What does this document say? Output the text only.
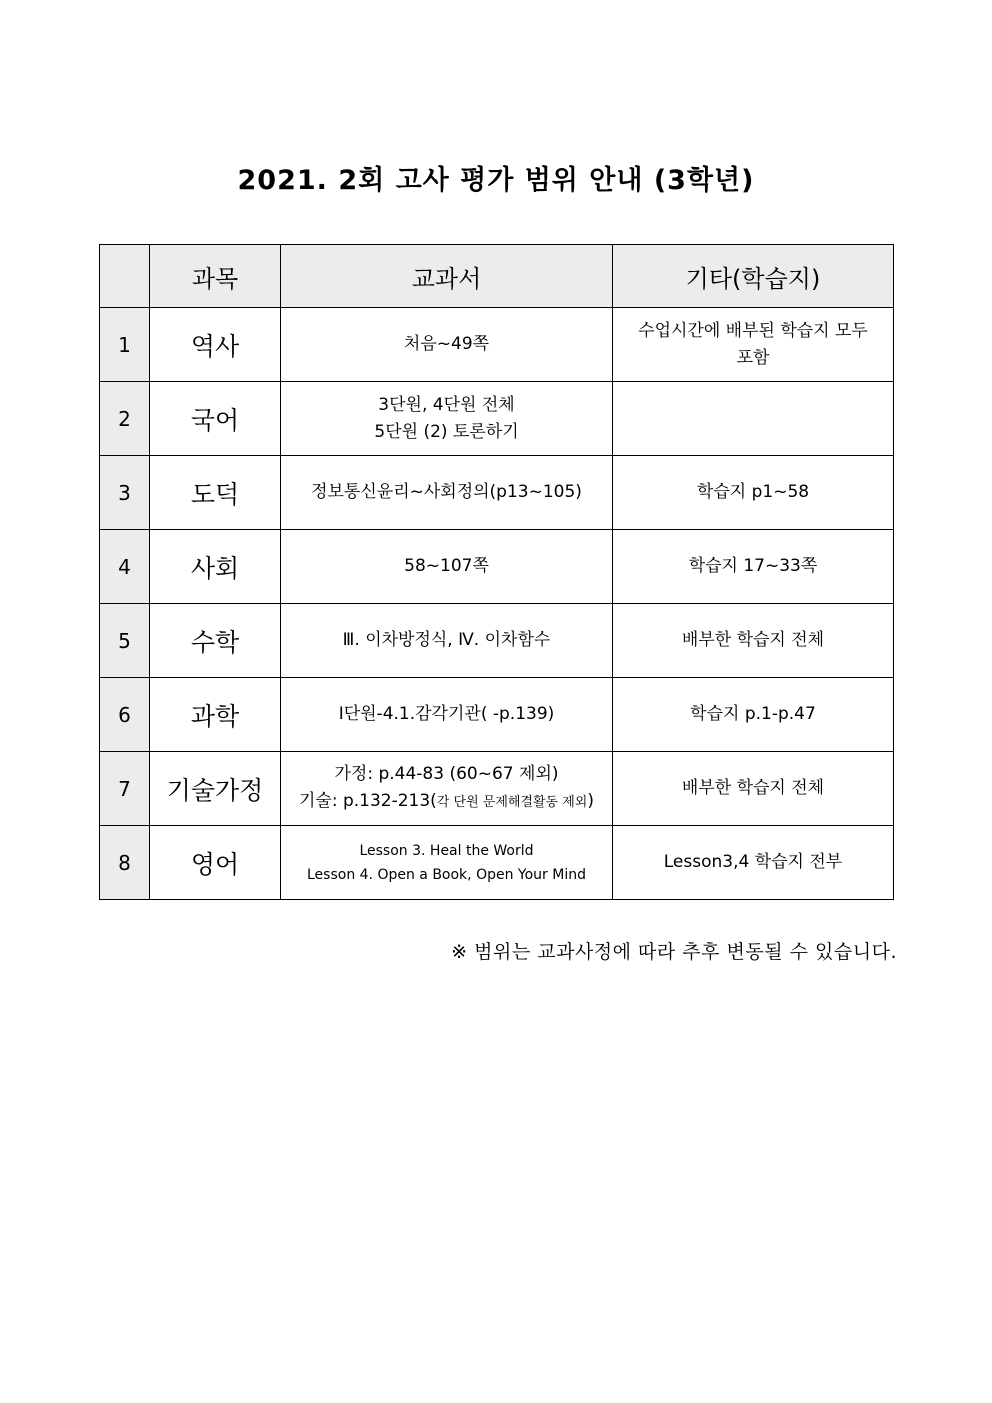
2021. 2회 고사 평가 범위 안내 (3학년)
	과목	교과서	기타(학습지)
1	역사	처음~49쪽	수업시간에 배부된 학습지 모두
포함

2	국어	3단원, 4단원 전체
5단원 (2) 토론하기	

3	도덕	정보통신윤리~사회정의(p13~105)	학습지 p1~58

4	사회	58~107쪽	학습지 17~33쪽

5	수학	Ⅲ. 이차방정식, Ⅳ. 이차함수	배부한 학습지 전체

6	과학	Ⅰ단원-4.1.감각기관( -p.139)	학습지 p.1-p.47

7	기술가정	가정: p.44-83 (60~67 제외)
기술: p.132-213(각 단원 문제해결활동 제외)	배부한 학습지 전체

8	영어	Lesson 3. Heal the World
Lesson 4. Open a Book, Open Your Mind	Lesson3,4 학습지 전부
※ 범위는 교과사정에 따라 추후 변동될 수 있습니다.
